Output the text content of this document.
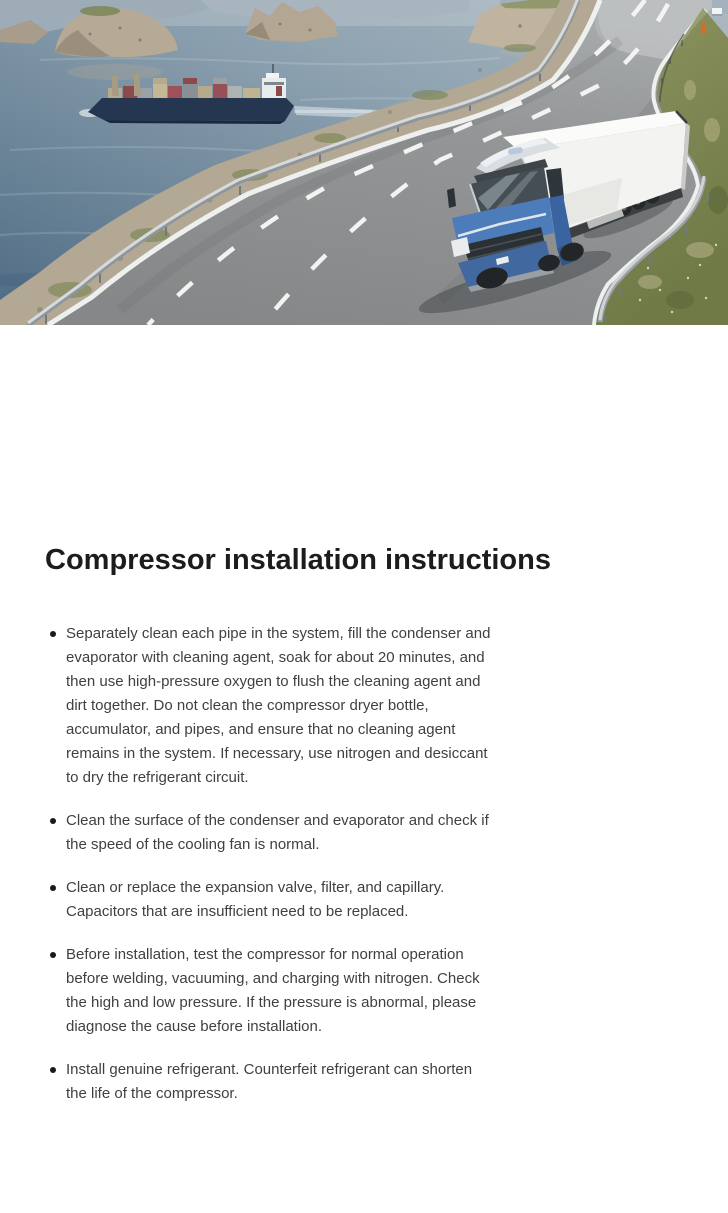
Compressor installation instructions
Separately clean each pipe in the system, fill the condenser and evaporator with cleaning agent, soak for about 20 minutes, and then use high-pressure oxygen to flush the cleaning agent and dirt together. Do not clean the compressor dryer bottle, accumulator, and pipes, and ensure that no cleaning agent remains in the system. If necessary, use nitrogen and desiccant to dry the refrigerant circuit.
Clean the surface of the condenser and evaporator and check if the speed of the cooling fan is normal.
Clean or replace the expansion valve, filter, and capillary. Capacitors that are insufficient need to be replaced.
Before installation, test the compressor for normal operation before welding, vacuuming, and charging with nitrogen. Check the high and low pressure. If the pressure is abnormal, please diagnose the cause before installation.
Install genuine refrigerant. Counterfeit refrigerant can shorten the life of the compressor.
